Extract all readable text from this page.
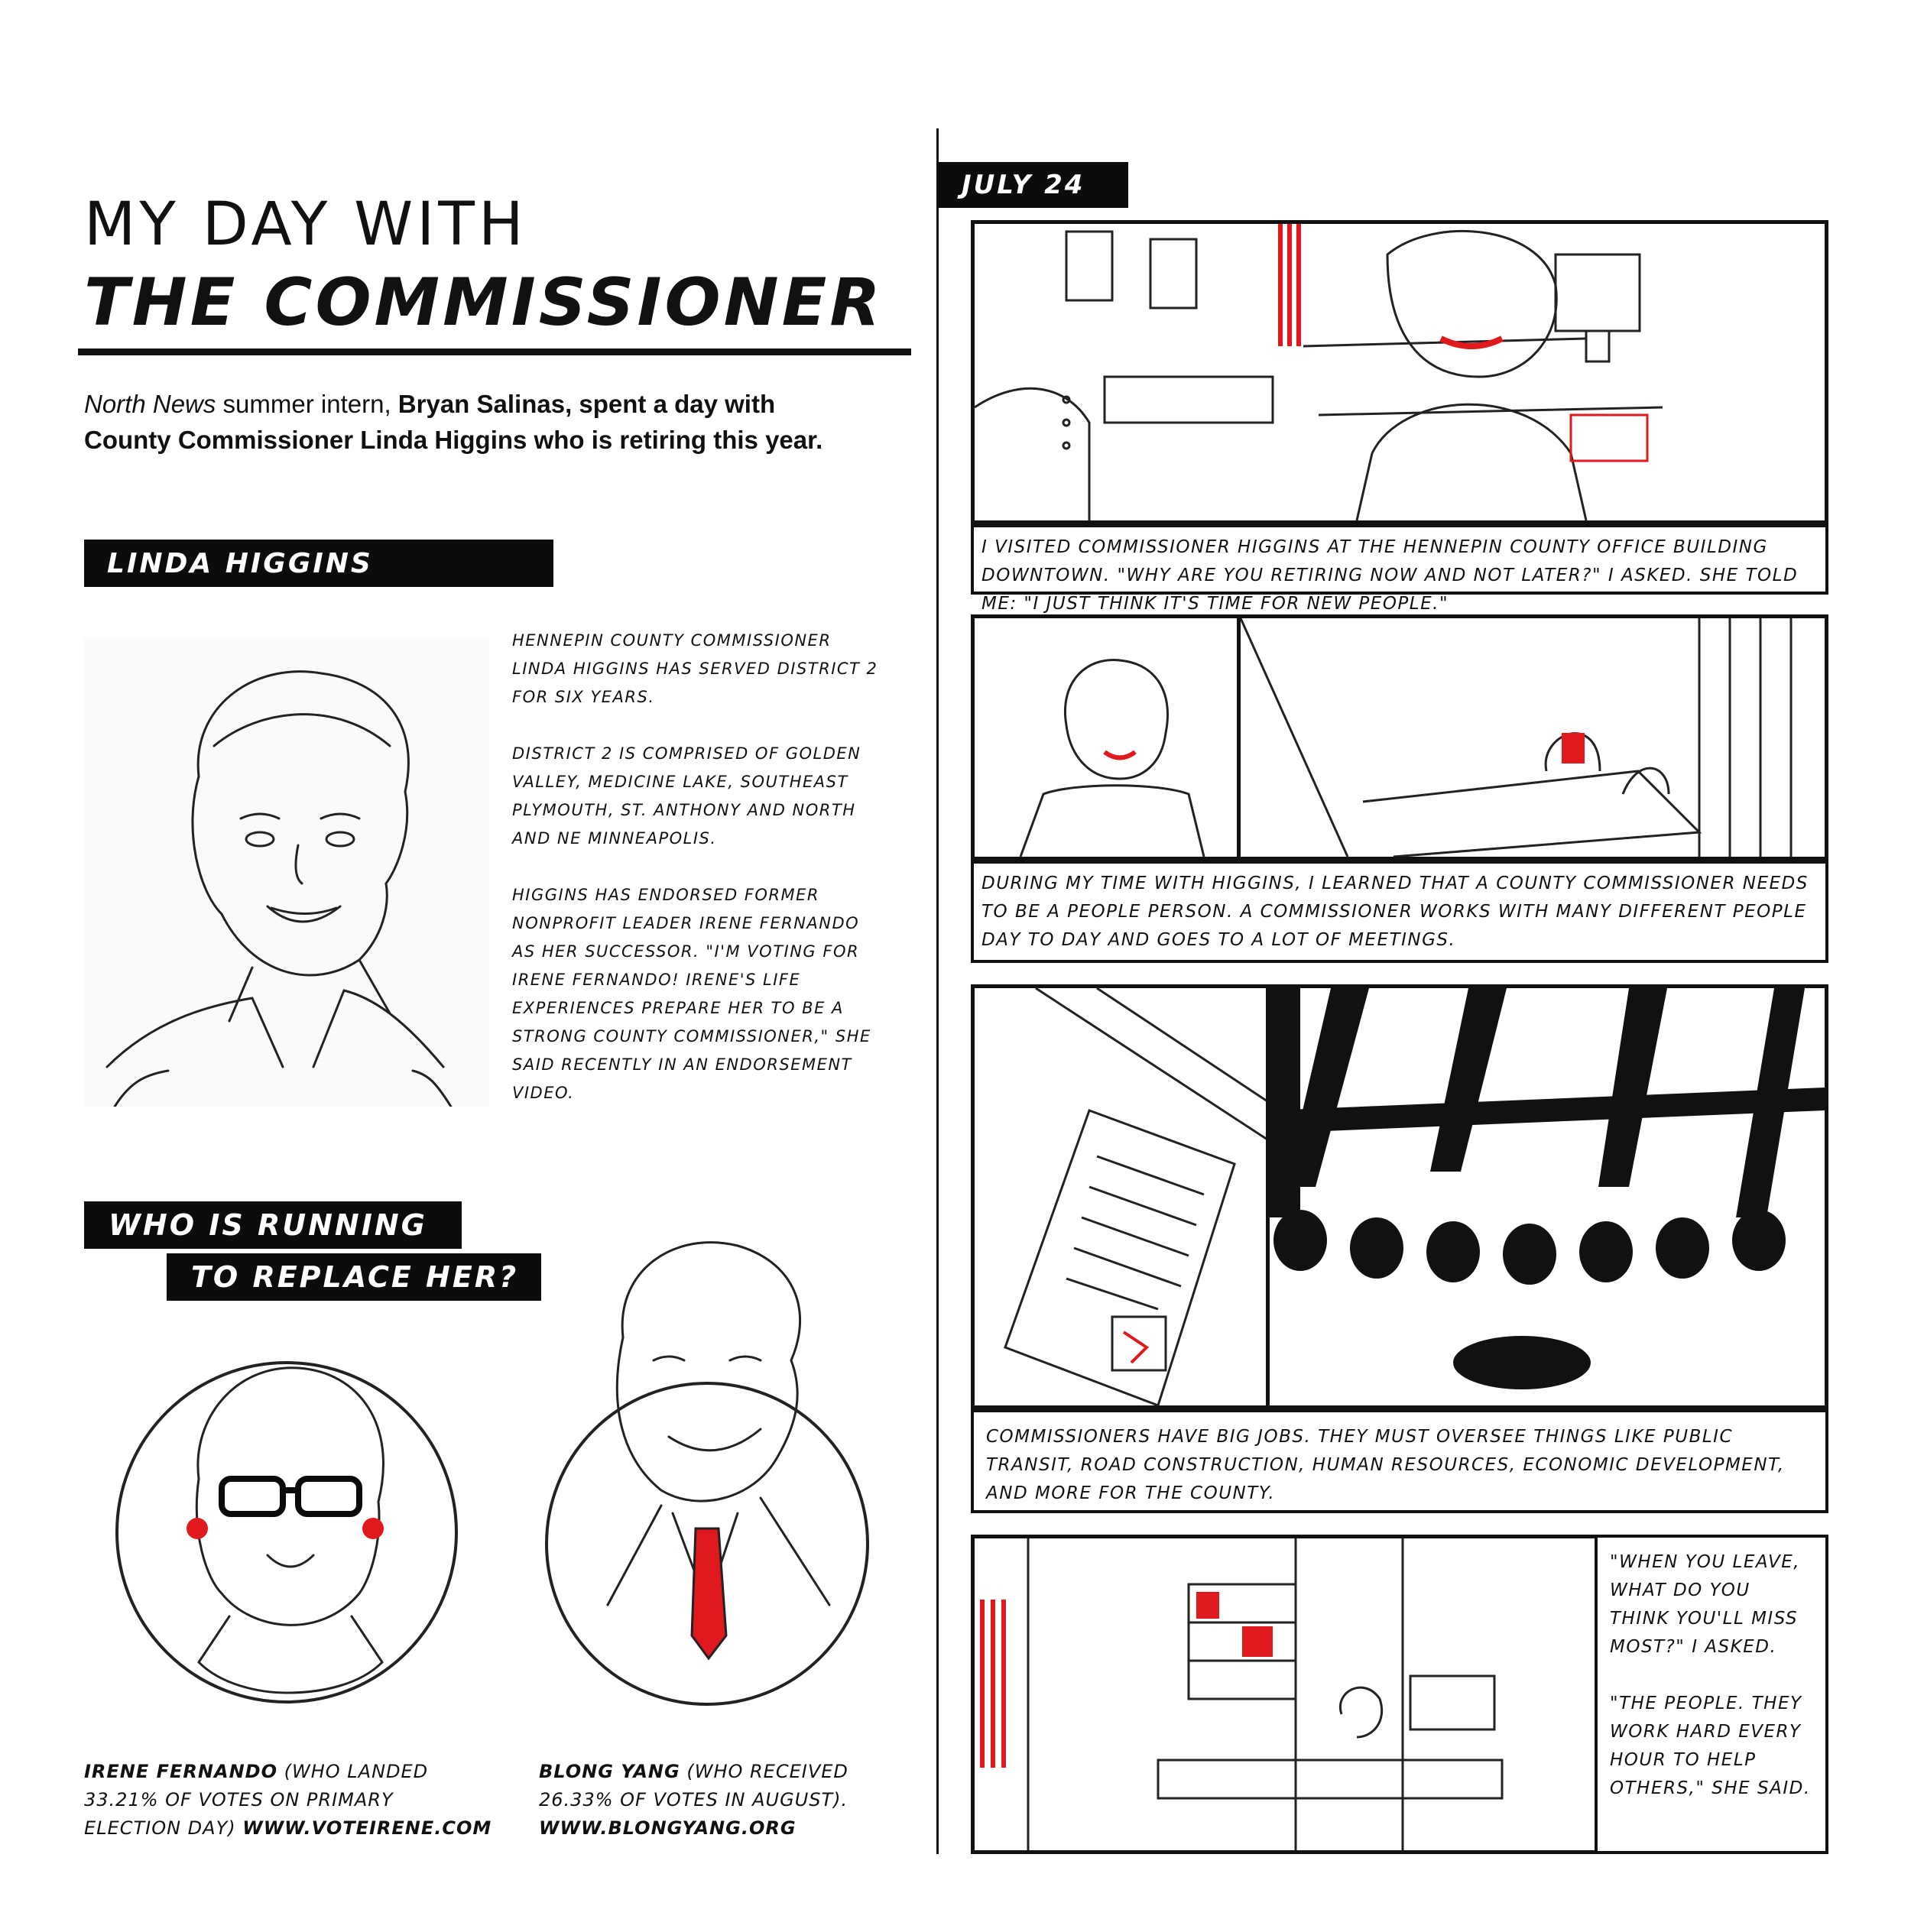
MY DAY WITH
THE COMMISSIONER
North News summer intern, Bryan Salinas, spent a day with
County Commissioner Linda Higgins who is retiring this year.
LINDA HIGGINS

HENNEPIN COUNTY COMMISSIONER LINDA HIGGINS HAS SERVED DISTRICT 2 FOR SIX YEARS.

DISTRICT 2 IS COMPRISED OF GOLDEN VALLEY, MEDICINE LAKE, SOUTHEAST PLYMOUTH, ST. ANTHONY AND NORTH AND NE MINNEAPOLIS.

HIGGINS HAS ENDORSED FORMER NONPROFIT LEADER IRENE FERNANDO AS HER SUCCESSOR. "I'M VOTING FOR IRENE FERNANDO! IRENE'S LIFE EXPERIENCES PREPARE HER TO BE A STRONG COUNTY COMMISSIONER," SHE SAID RECENTLY IN AN ENDORSEMENT VIDEO.

WHO IS RUNNING
TO REPLACE HER?
IRENE FERNANDO (WHO LANDED 33.21% OF VOTES ON PRIMARY ELECTION DAY) WWW.VOTEIRENE.COM
BLONG YANG (WHO RECEIVED 26.33% OF VOTES IN AUGUST). WWW.BLONGYANG.ORG
JULY 24
I VISITED COMMISSIONER HIGGINS AT THE HENNEPIN COUNTY OFFICE BUILDING DOWNTOWN. "WHY ARE YOU RETIRING NOW AND NOT LATER?" I ASKED. SHE TOLD ME: "I JUST THINK IT'S TIME FOR NEW PEOPLE."
DURING MY TIME WITH HIGGINS, I LEARNED THAT A COUNTY COMMISSIONER NEEDS TO BE A PEOPLE PERSON. A COMMISSIONER WORKS WITH MANY DIFFERENT PEOPLE DAY TO DAY AND GOES TO A LOT OF MEETINGS.
COMMISSIONERS HAVE BIG JOBS. THEY MUST OVERSEE THINGS LIKE PUBLIC TRANSIT, ROAD CONSTRUCTION, HUMAN RESOURCES, ECONOMIC DEVELOPMENT, AND MORE FOR THE COUNTY.

"WHEN YOU LEAVE, WHAT DO YOU THINK YOU'LL MISS MOST?" I ASKED.

"THE PEOPLE. THEY WORK HARD EVERY HOUR TO HELP OTHERS," SHE SAID.
